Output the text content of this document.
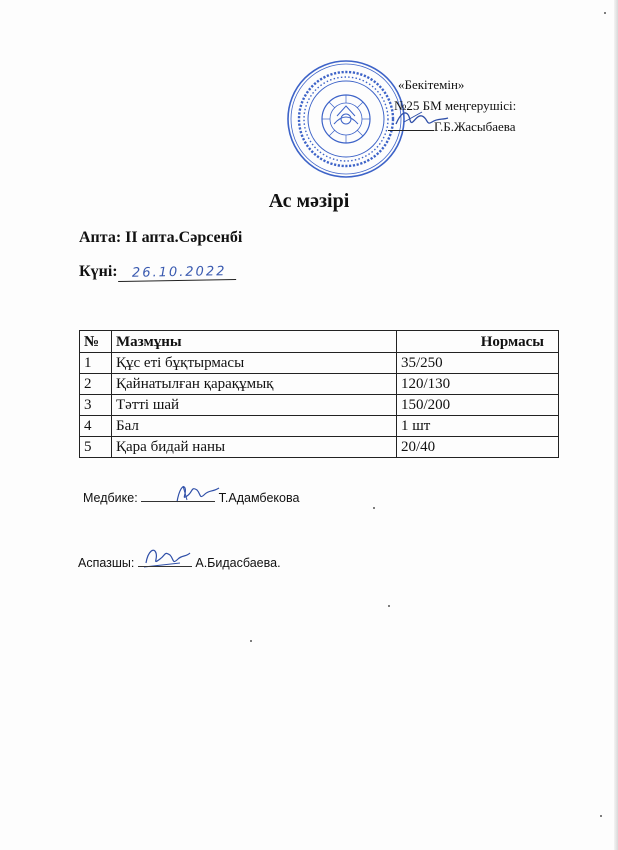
«Бекітемін»
№25 БМ меңгерушісі:
Г.Б.Жасыбаева
Ас мәзірі
Апта: II апта.Сәрсенбі
Күні: 26.10.2022
№	Мазмұны	Нормасы
1	Құс еті бұқтырмасы	35/250
2	Қайнатылған қарақұмық	120/130
3	Тәтті шай	150/200
4	Бал	1 шт
5	Қара бидай наны	20/40
Медбике:	Т.Адамбекова
Аспазшы:	А.Бидасбаева.
